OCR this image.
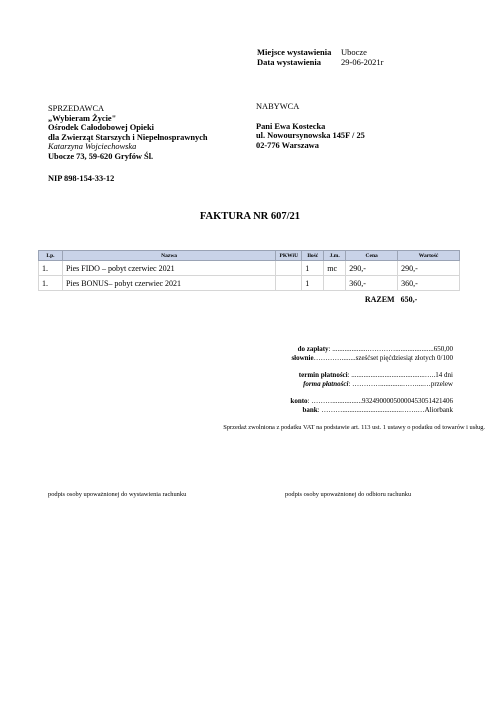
Miejsce wystawienia	Ubocze
Data wystawienia	29-06-2021r
SPRZEDAWCA
„Wybieram Życie"
Ośrodek Całodobowej Opieki
dla Zwierząt Starszych i Niepełnosprawnych
Katarzyna Wojciechowska
Ubocze 73, 59-620 Gryfów Śl.
NIP 898-154-33-12
NABYWCA
Pani Ewa Kostecka
ul. Nowoursynowska 145F / 25
02-776 Warszawa
FAKTURA NR 607/21
Lp.	Nazwa	PKWiU	Ilość	J.m.	Cena	Wartość
1.	Pies FIDO – pobyt czerwiec 2021		1	mc	290,-	290,-
1.	Pies BONUS– pobyt czerwiec 2021		1		360,-	360,-
RAZEM						650,-
do zapłaty: ....................…………......................650,00
słownie…………........sześćset pięćdziesiąt złotych 0/100
termin płatności: ..........................................…..14 dni
forma płatności: ………….............……....…przelew
konto: ……….................93249000050000453051421406
bank: ………..................................…….…Aliorbank
Sprzedaż zwolniona z podatku VAT na podstawie art. 113 ust. 1 ustawy o podatku od towarów i usług.
podpis osoby upoważnionej do wystawienia rachunku	podpis osoby upoważnionej do odbioru rachunku
